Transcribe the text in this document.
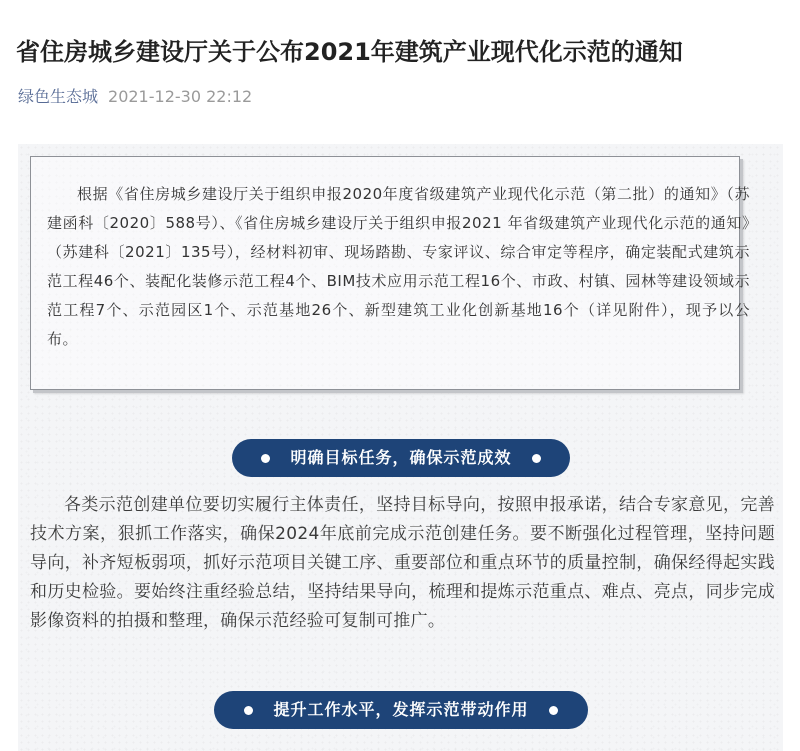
省住房城乡建设厅关于公布2021年建筑产业现代化示范的通知
绿色生态城 2021-12-30 22:12

根据《省住房城乡建设厅关于组织申报2020年度省级建筑产业现代化示范（第二批）的通知》（苏建函科〔2020〕588号）、《省住房城乡建设厅关于组织申报2021 年省级建筑产业现代化示范的通知》（苏建科〔2021〕135号），经材料初审、现场踏勘、专家评议、综合审定等程序，确定装配式建筑示范工程46个、装配化装修示范工程4个、BIM技术应用示范工程16个、市政、村镇、园林等建设领域示范工程7个、示范园区1个、示范基地26个、新型建筑工业化创新基地16个（详见附件），现予以公布。

明确目标任务，确保示范成效

各类示范创建单位要切实履行主体责任，坚持目标导向，按照申报承诺，结合专家意见，完善技术方案，狠抓工作落实，确保2024年底前完成示范创建任务。要不断强化过程管理，坚持问题导向，补齐短板弱项，抓好示范项目关键工序、重要部位和重点环节的质量控制，确保经得起实践和历史检验。要始终注重经验总结，坚持结果导向，梳理和提炼示范重点、难点、亮点，同步完成影像资料的拍摄和整理，确保示范经验可复制可推广。

提升工作水平，发挥示范带动作用
